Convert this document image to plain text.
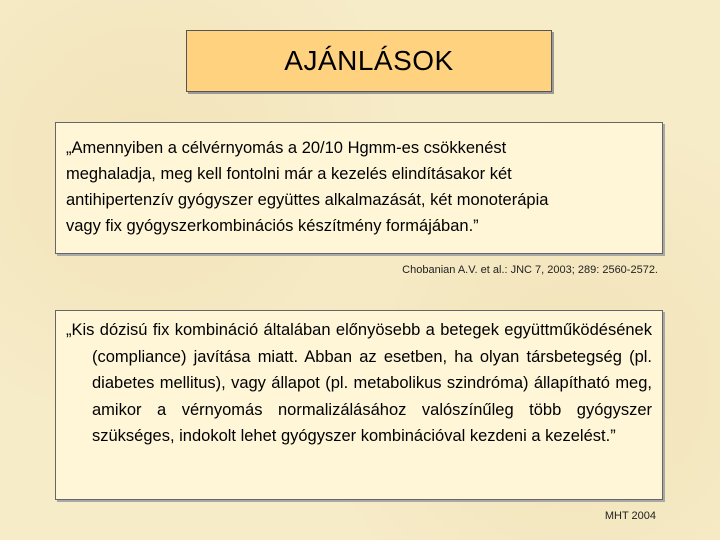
AJÁNLÁSOK
„Amennyiben a célvérnyomás a 20/10 Hgmm-es csökkenést
meghaladja, meg kell fontolni már a kezelés elindításakor két
antihipertenzív gyógyszer együttes alkalmazását, két monoterápia
vagy fix gyógyszerkombinációs készítmény formájában.”
Chobanian A.V. et al.: JNC 7, 2003; 289: 2560-2572.

„Kis dózisú fix kombináció általában előnyösebb a betegek együttműködésének (compliance) javítása miatt. Abban az esetben, ha olyan társbetegség (pl. diabetes mellitus), vagy állapot (pl. metabolikus szindróma) állapítható meg, amikor a vérnyomás normalizálásához valószínűleg több gyógyszer szükséges, indokolt lehet gyógyszer kombinációval kezdeni a kezelést.”

MHT 2004
